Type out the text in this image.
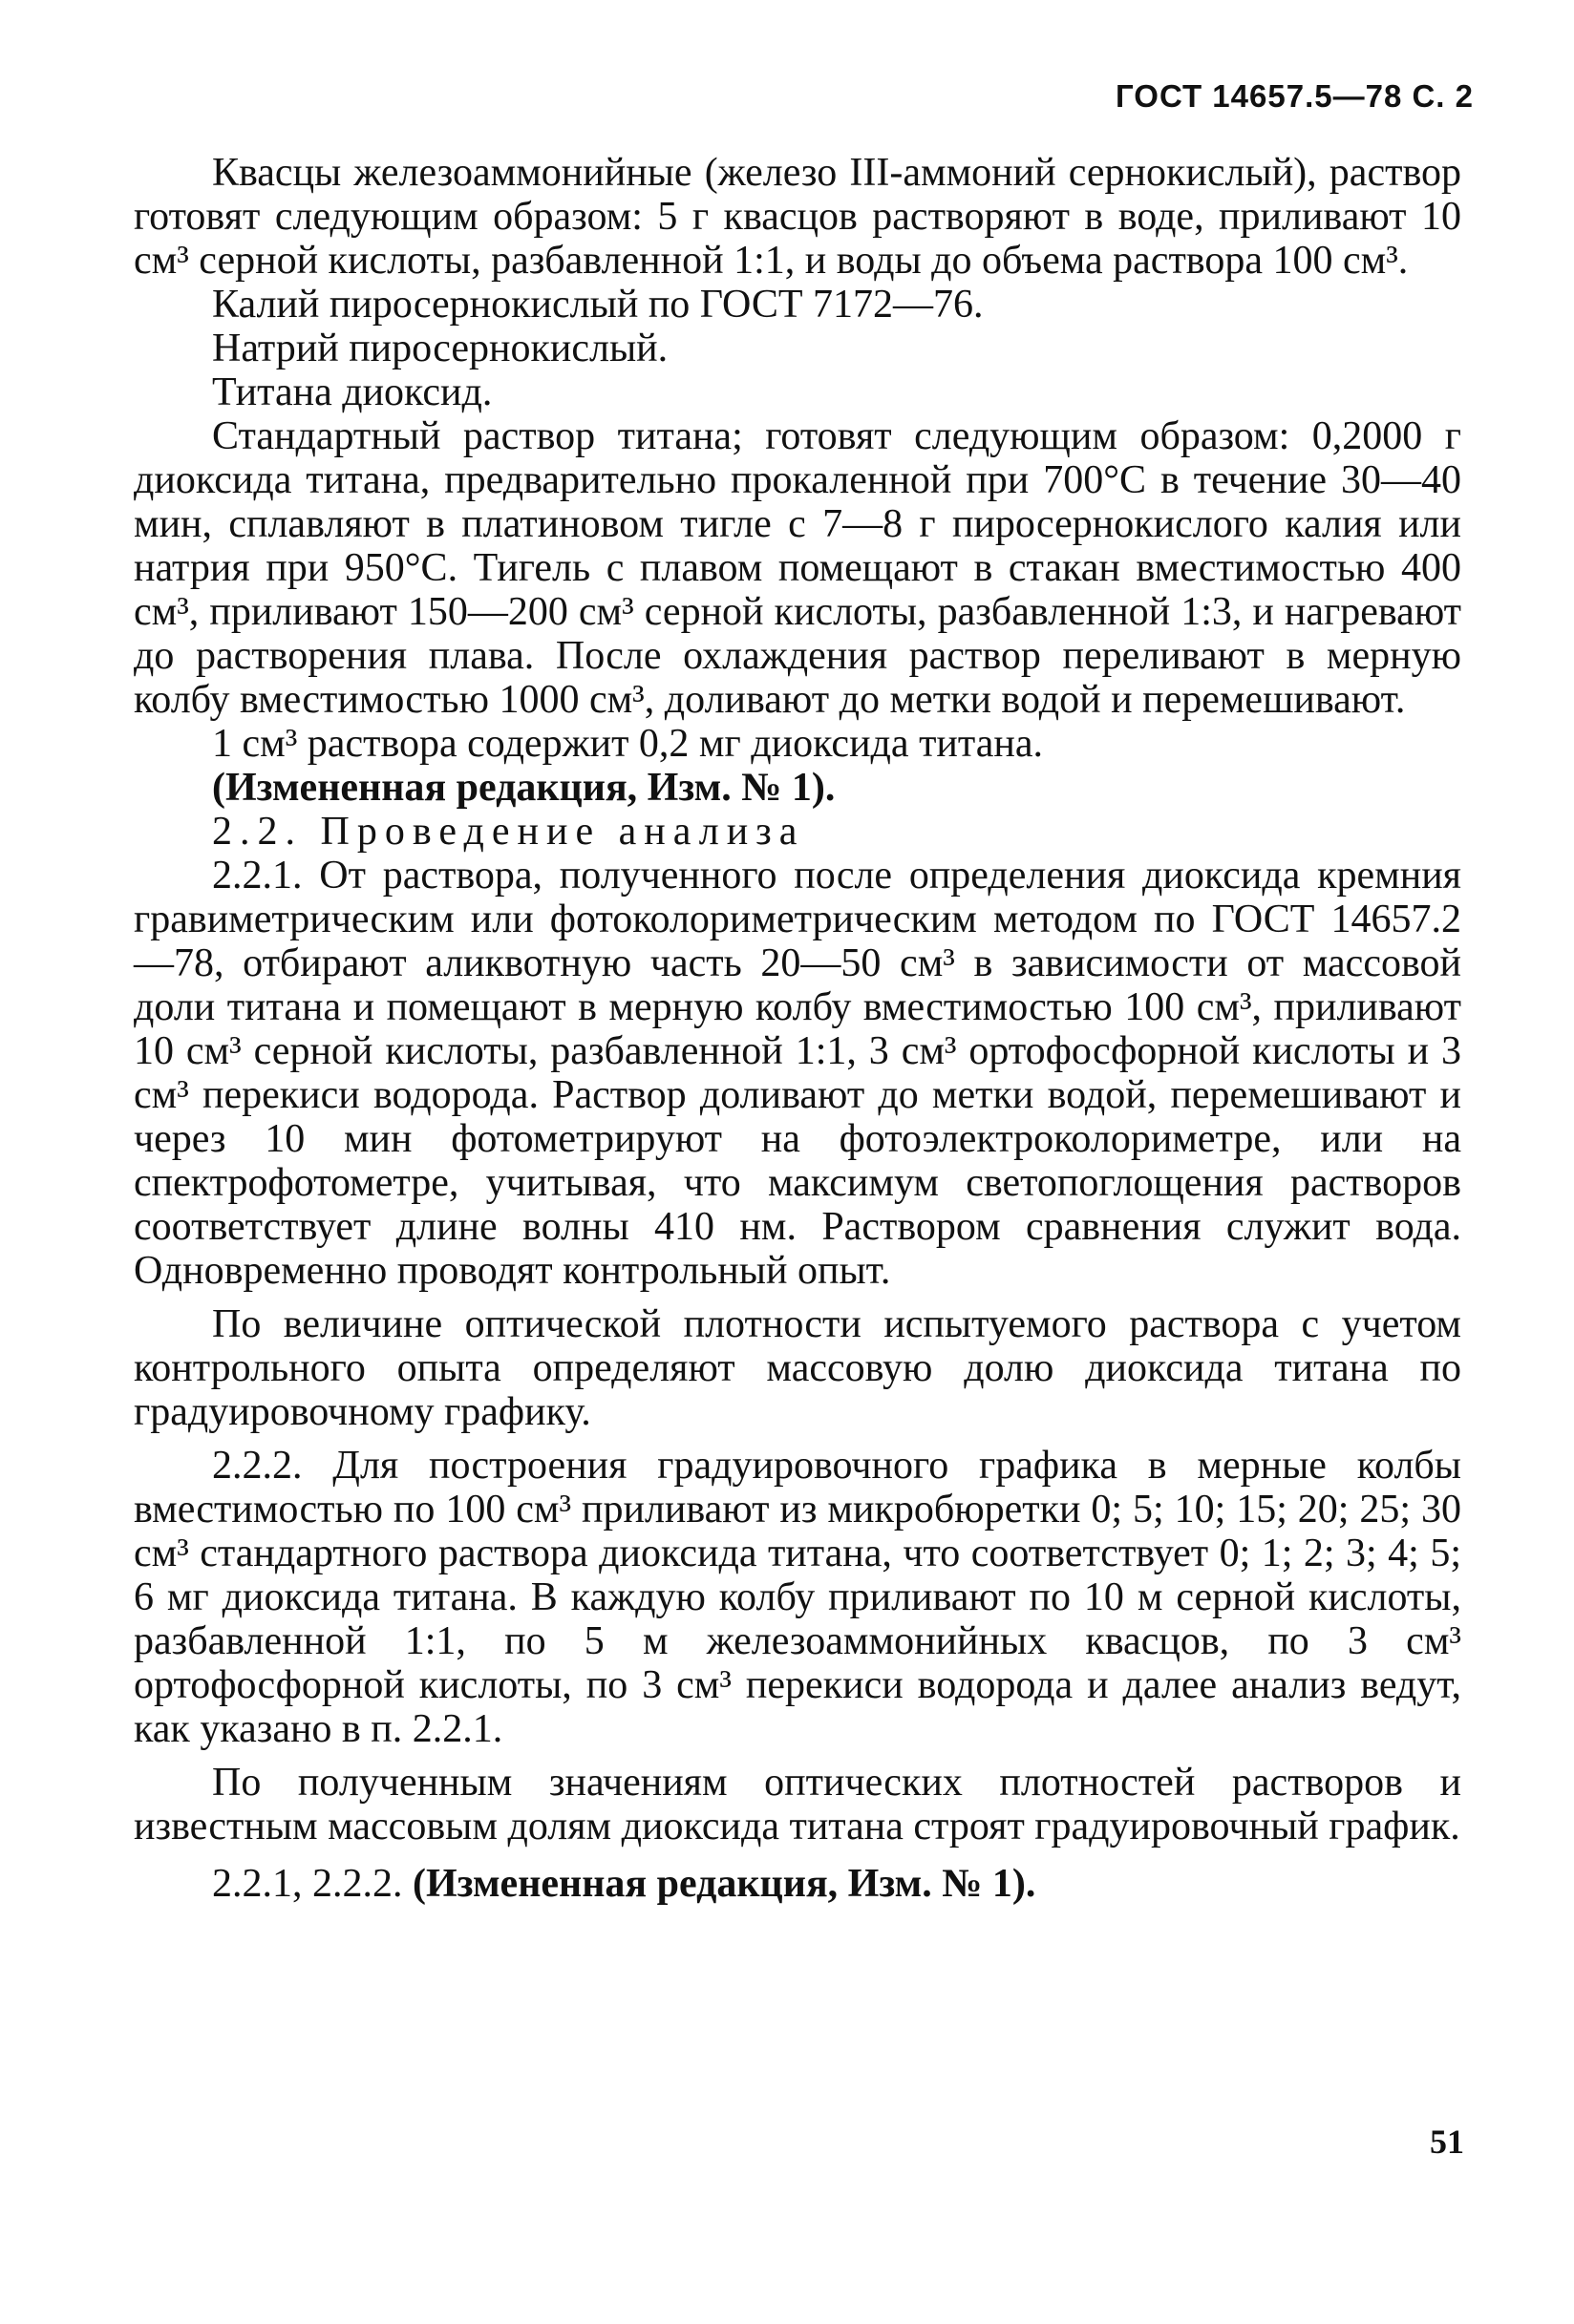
ГОСТ 14657.5—78 С. 2

Квасцы железоаммонийные (железо III-аммоний сернокислый), раствор готовят следующим образом: 5 г квасцов растворяют в воде, приливают 10 см³ серной кислоты, разбавленной 1:1, и воды до объема раствора 100 см³.

Калий пиросернокислый по ГОСТ 7172—76.

Натрий пиросернокислый.

Титана диоксид.

Стандартный раствор титана; готовят следующим образом: 0,2000 г диоксида титана, предварительно прокаленной при 700°С в течение 30—40 мин, сплавляют в платиновом тигле с 7—8 г пиросернокислого калия или натрия при 950°С. Тигель с плавом помещают в стакан вместимостью 400 см³, приливают 150—200 см³ серной кислоты, разбавленной 1:3, и нагревают до растворения плава. После охлаждения раствор переливают в мерную колбу вместимостью 1000 см³, доливают до метки водой и перемешивают.

1 см³ раствора содержит 0,2 мг диоксида титана.

(Измененная редакция, Изм. № 1).

2.2. Проведение анализа

2.2.1. От раствора, полученного после определения диоксида кремния гравиметрическим или фотоколориметрическим методом по ГОСТ 14657.2—78, отбирают аликвотную часть 20—50 см³ в зависимости от массовой доли титана и помещают в мерную колбу вместимостью 100 см³, приливают 10 см³ серной кислоты, разбавленной 1:1, 3 см³ ортофосфорной кислоты и 3 см³ перекиси водорода. Раствор доливают до метки водой, перемешивают и через 10 мин фотометрируют на фотоэлектроколориметре, или на спектрофотометре, учитывая, что максимум светопоглощения растворов соответствует длине волны 410 нм. Раствором сравнения служит вода. Одновременно проводят контрольный опыт.

По величине оптической плотности испытуемого раствора с учетом контрольного опыта определяют массовую долю диоксида титана по градуировочному графику.

2.2.2. Для построения градуировочного графика в мерные колбы вместимостью по 100 см³ приливают из микробюретки 0; 5; 10; 15; 20; 25; 30 см³ стандартного раствора диоксида титана, что соответствует 0; 1; 2; 3; 4; 5; 6 мг диоксида титана. В каждую колбу приливают по 10 м серной кислоты, разбавленной 1:1, по 5 м железоаммонийных квасцов, по 3 см³ ортофосфорной кислоты, по 3 см³ перекиси водорода и далее анализ ведут, как указано в п. 2.2.1.

По полученным значениям оптических плотностей растворов и известным массовым долям диоксида титана строят градуировочный график.

2.2.1, 2.2.2. (Измененная редакция, Изм. № 1).

51
